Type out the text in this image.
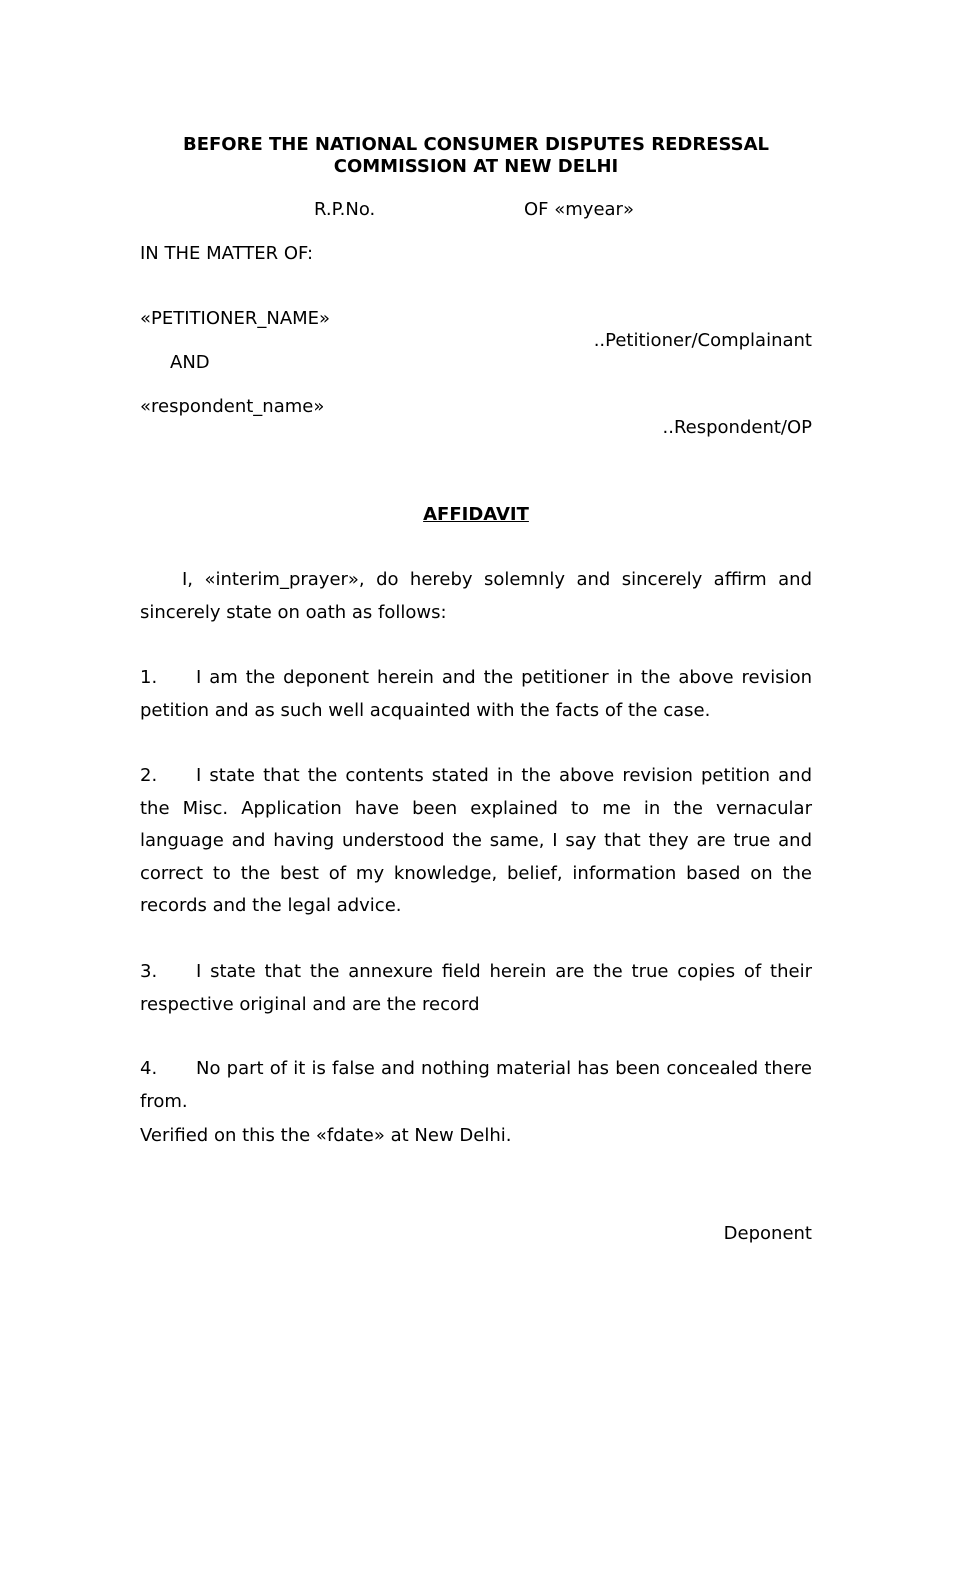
BEFORE THE NATIONAL CONSUMER DISPUTES REDRESSAL
COMMISSION AT NEW DELHI
R.P.No.	OF «myear»
IN THE MATTER OF:
«PETITIONER_NAME»
..Petitioner/Complainant
AND
«respondent_name»
..Respondent/OP
AFFIDAVIT
I, «interim_prayer», do hereby solemnly and sincerely affirm and sincerely state on oath as follows:
1. I am the deponent herein and the petitioner in the above revision petition and as such well acquainted with the facts of the case.
2. I state that the contents stated in the above revision petition and the Misc. Application have been explained to me in the vernacular language and having understood the same, I say that they are true and correct to the best of my knowledge, belief, information based on the records and the legal advice.
3. I state that the annexure field herein are the true copies of their respective original and are the record
4. No part of it is false and nothing material has been concealed there from.
Verified on this the «fdate» at New Delhi.
Deponent
